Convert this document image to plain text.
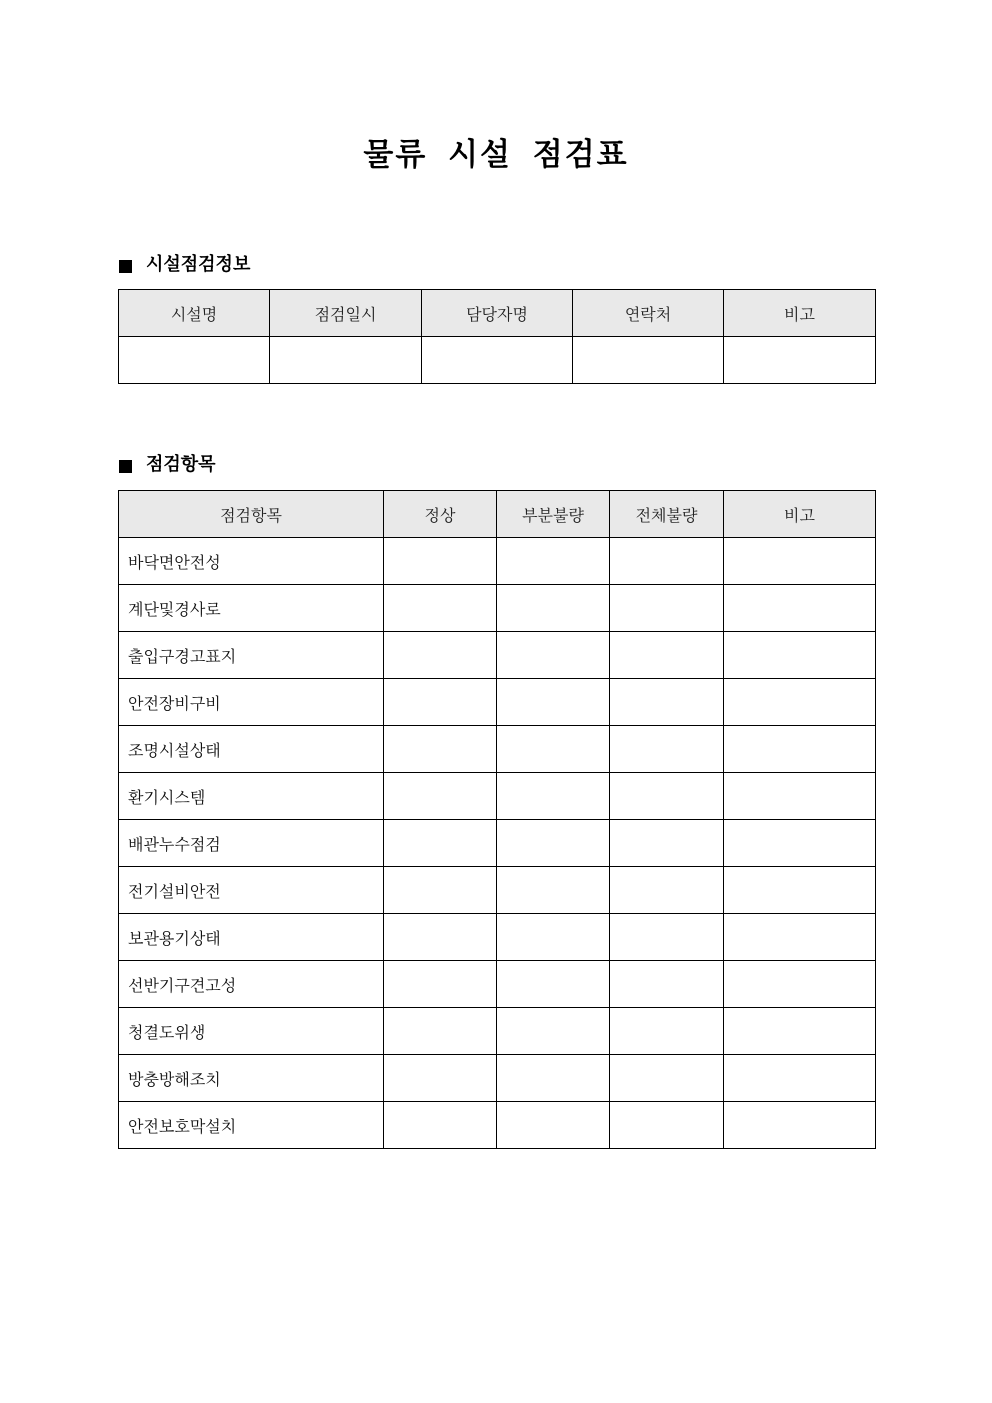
물류 시설 점검표
시설점검정보
시설명	점검일시	담당자명	연락처	비고

점검항목
점검항목	정상	부분불량	전체불량	비고
바닥면안전성				
계단및경사로				
출입구경고표지				
안전장비구비				
조명시설상태				
환기시스템				
배관누수점검				
전기설비안전				
보관용기상태				
선반기구견고성				
청결도위생				
방충방해조치				
안전보호막설치				
